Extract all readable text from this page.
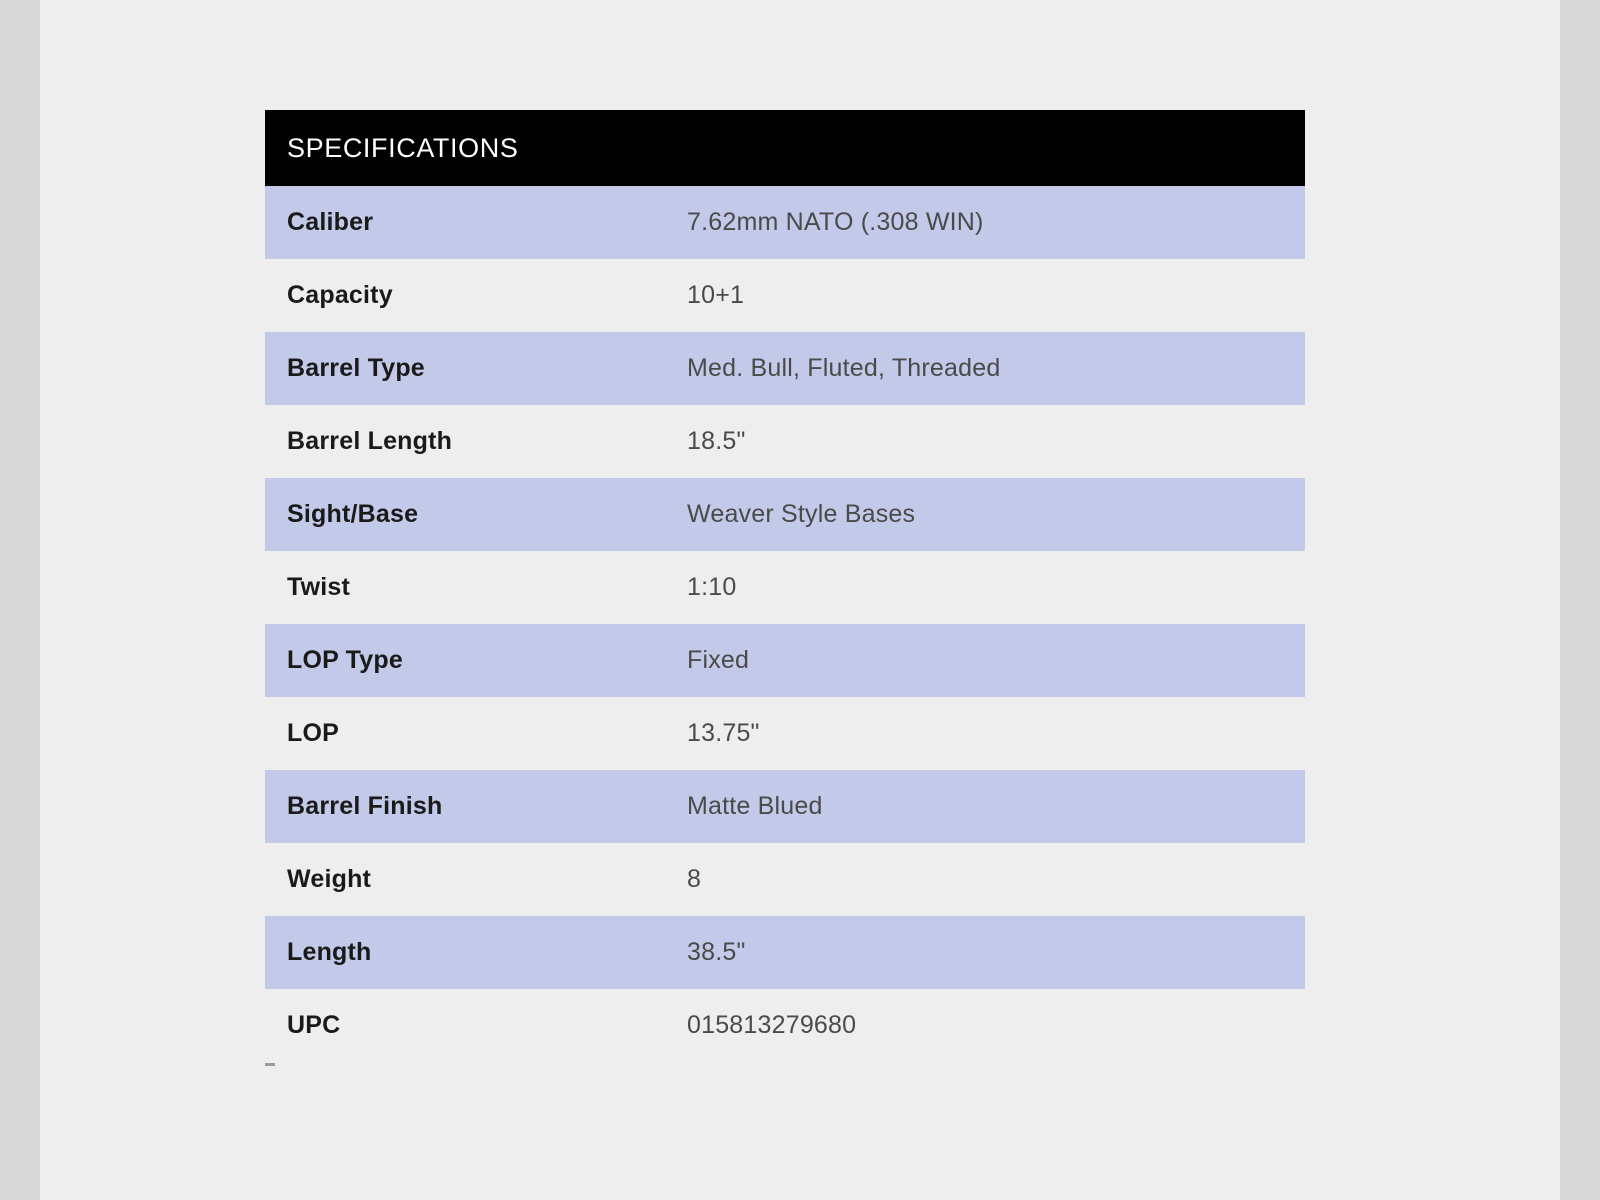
SPECIFICATIONS
Caliber	7.62mm NATO (.308 WIN)
Capacity	10+1
Barrel Type	Med. Bull, Fluted, Threaded
Barrel Length	18.5"
Sight/Base	Weaver Style Bases
Twist	1:10
LOP Type	Fixed
LOP	13.75"
Barrel Finish	Matte Blued
Weight	8
Length	38.5"
UPC	015813279680
